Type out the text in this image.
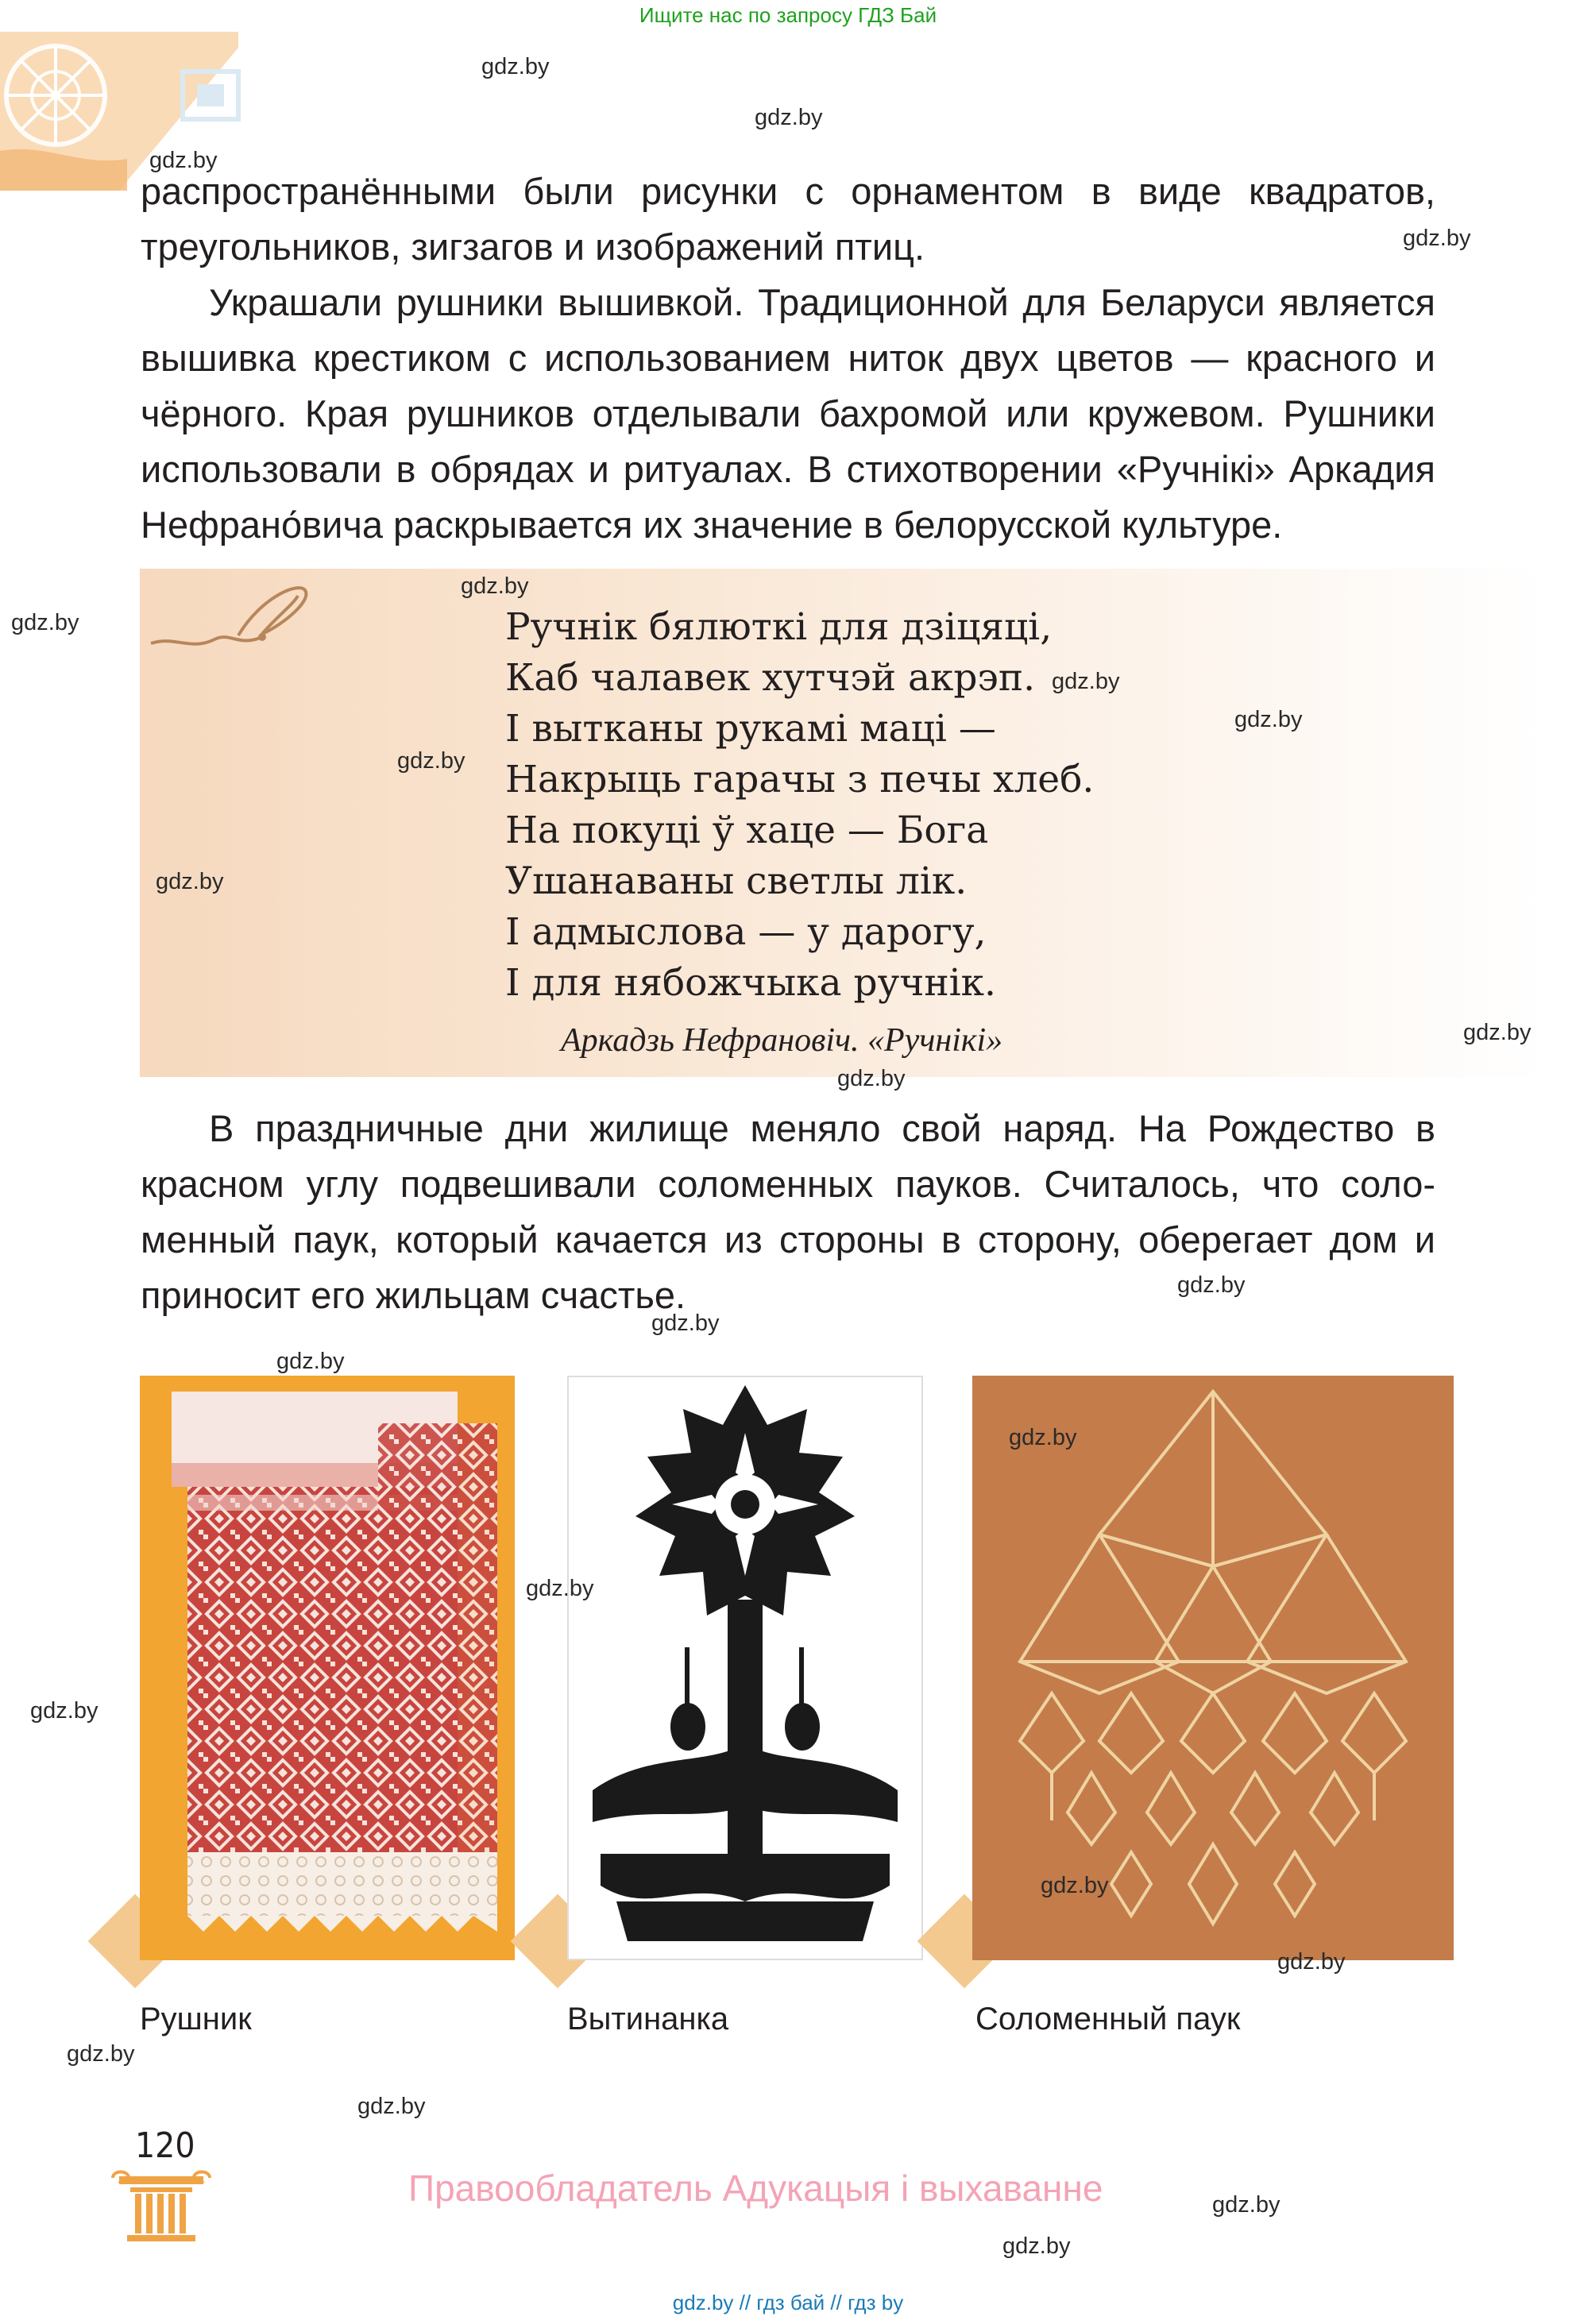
Ищите нас по запросу ГДЗ Бай
распространёнными были рисунки с орнаментом в виде квадратов,
треугольников, зигзагов и изображений птиц.
Украшали рушники вышивкой. Традиционной для Беларуси является
вышивка крестиком с использованием ниток двух цветов — красного и
чёрного. Края рушников отделывали бахромой или кружевом. Рушники
использовали в обрядах и ритуалах. В стихотворении «Ручнікі» Аркадия
Нефрано́вича раскрывается их значение в белорусской культуре.
Ручнік бялюткі для дзіцяці,
Каб чалавек хутчэй акрэп.
І вытканы рукамі маці —
Накрыць гарачы з печы хлеб.
На покуці ў хаце — Бога
Ушанаваны светлы лік.
І адмыслова — у дарогу,
І для нябожчыка ручнік.
Аркадзь Нефрановіч. «Ручнікі»
В праздничные дни жилище меняло свой наряд. На Рождество в
красном углу подвешивали соломенных пауков. Считалось, что соло-
менный паук, который качается из стороны в сторону, оберегает дом и
приносит его жильцам счастье.
Рушник	Вытинанка	Соломенный паук
120
Правообладатель Адукацыя і выхаванне
gdz.by // гдз бай // гдз by
gdz.by
gdz.by
gdz.by
gdz.by
gdz.by
gdz.by
gdz.by
gdz.by
gdz.by
gdz.by
gdz.by
gdz.by
gdz.by
gdz.by
gdz.by
gdz.by
gdz.by
gdz.by
gdz.by
gdz.by
gdz.by
gdz.by
gdz.by
gdz.by
